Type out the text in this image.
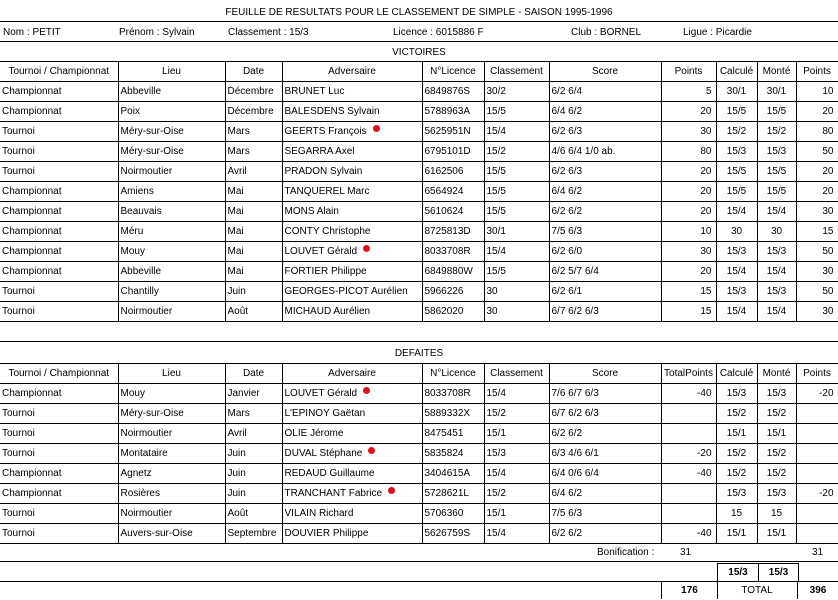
FEUILLE DE RESULTATS POUR LE CLASSEMENT DE SIMPLE - SAISON 1995-1996
Nom : PETIT	Prénom : Sylvain	Classement : 15/3	Licence : 6015886 F	Club : BORNEL	Ligue : Picardie
VICTOIRES
Tournoi / Championnat	Lieu	Date	Adversaire	N°Licence	Classement	Score	Points	Calculé	Monté	Points
Championnat	Abbeville	Décembre	BRUNET Luc	6849876S	30/2	6/2 6/4	5	30/1	30/1	10
Championnat	Poix	Décembre	BALESDENS Sylvain	5788963A	15/5	6/4 6/2	20	15/5	15/5	20
Tournoi	Méry-sur-Oise	Mars	GEERTS François	5625951N	15/4	6/2 6/3	30	15/2	15/2	80
Tournoi	Méry-sur-Oise	Mars	SEGARRA Axel	6795101D	15/2	4/6 6/4 1/0 ab.	80	15/3	15/3	50
Tournoi	Noirmoutier	Avril	PRADON Sylvain	6162506	15/5	6/2 6/3	20	15/5	15/5	20
Championnat	Amiens	Mai	TANQUEREL Marc	6564924	15/5	6/4 6/2	20	15/5	15/5	20
Championnat	Beauvais	Mai	MONS Alain	5610624	15/5	6/2 6/2	20	15/4	15/4	30
Championnat	Méru	Mai	CONTY Christophe	8725813D	30/1	7/5 6/3	10	30	30	15
Championnat	Mouy	Mai	LOUVET Gérald	8033708R	15/4	6/2 6/0	30	15/3	15/3	50
Championnat	Abbeville	Mai	FORTIER Philippe	6849880W	15/5	6/2 5/7 6/4	20	15/4	15/4	30
Tournoi	Chantilly	Juin	GEORGES-PICOT Aurélien	5966226	30	6/2 6/1	15	15/3	15/3	50
Tournoi	Noirmoutier	Août	MICHAUD Aurélien	5862020	30	6/7 6/2 6/3	15	15/4	15/4	30
DEFAITES
Tournoi / Championnat	Lieu	Date	Adversaire	N°Licence	Classement	Score	TotalPoints	Calculé	Monté	Points
Championnat	Mouy	Janvier	LOUVET Gérald	8033708R	15/4	7/6 6/7 6/3	-40	15/3	15/3	-20
Tournoi	Méry-sur-Oise	Mars	L'EPINOY Gaëtan	5889332X	15/2	6/7 6/2 6/3		15/2	15/2	
Tournoi	Noirmoutier	Avril	OLIE Jérome	8475451	15/1	6/2 6/2		15/1	15/1	
Tournoi	Montataire	Juin	DUVAL Stéphane	5835824	15/3	6/3 4/6 6/1	-20	15/2	15/2	
Championnat	Agnetz	Juin	REDAUD Guillaume	3404615A	15/4	6/4 0/6 6/4	-40	15/2	15/2	
Championnat	Rosières	Juin	TRANCHANT Fabrice	5728621L	15/2	6/4 6/2		15/3	15/3	-20
Tournoi	Noirmoutier	Août	VILAIN Richard	5706360	15/1	7/5 6/3		15	15	
Tournoi	Auvers-sur-Oise	Septembre	DOUVIER Philippe	5626759S	15/4	6/2 6/2	-40	15/1	15/1	
Bonification :	31	31
15/3	15/3
176	TOTAL	396
